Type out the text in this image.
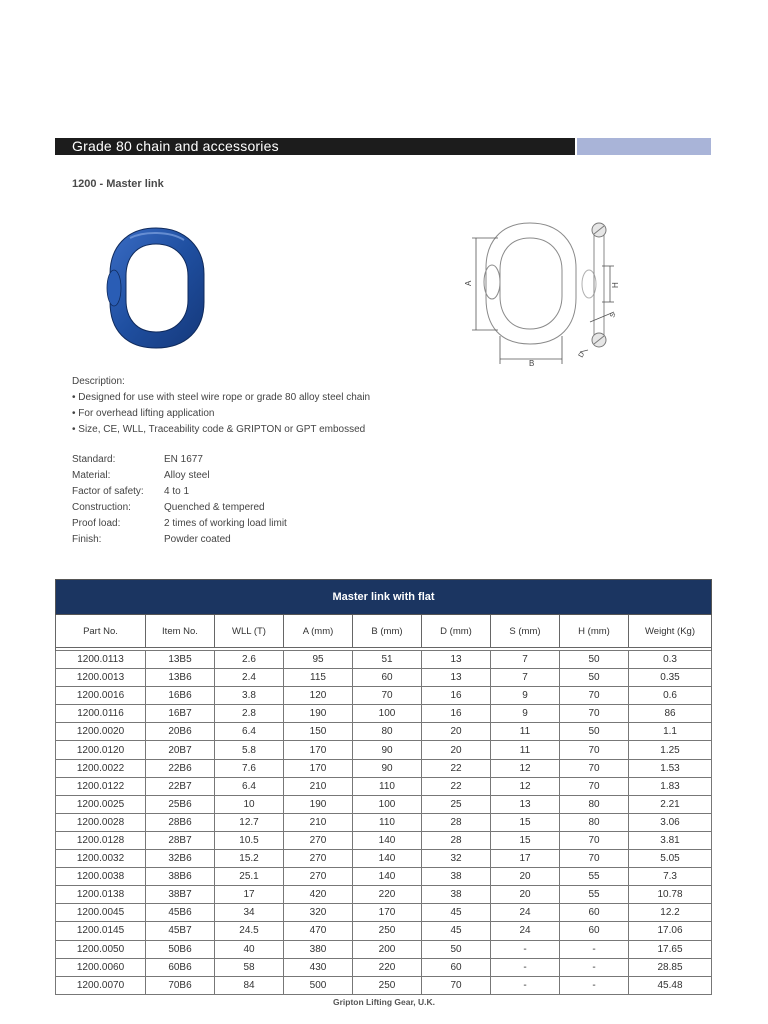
Grade 80 chain and accessories
1200 - Master link
A
B
H
S
D
Description:
• Designed for use with steel wire rope or grade 80 alloy steel chain
• For overhead lifting application
• Size, CE, WLL, Traceability code & GRIPTON or GPT embossed
Standard:	EN 1677
Material:	Alloy steel
Factor of safety:	4 to 1
Construction:	Quenched & tempered
Proof load:	2 times of working load limit
Finish:	Powder coated
Master link with flat								
Part No.	Item No.	WLL (T)	A (mm)	B (mm)	D (mm)	S (mm)	H (mm)	Weight (Kg)

1200.0113	13B5	2.6	95	51	13	7	50	0.3
1200.0013	13B6	2.4	115	60	13	7	50	0.35
1200.0016	16B6	3.8	120	70	16	9	70	0.6
1200.0116	16B7	2.8	190	100	16	9	70	86
1200.0020	20B6	6.4	150	80	20	11	50	1.1
1200.0120	20B7	5.8	170	90	20	11	70	1.25
1200.0022	22B6	7.6	170	90	22	12	70	1.53
1200.0122	22B7	6.4	210	110	22	12	70	1.83
1200.0025	25B6	10	190	100	25	13	80	2.21
1200.0028	28B6	12.7	210	110	28	15	80	3.06
1200.0128	28B7	10.5	270	140	28	15	70	3.81
1200.0032	32B6	15.2	270	140	32	17	70	5.05
1200.0038	38B6	25.1	270	140	38	20	55	7.3
1200.0138	38B7	17	420	220	38	20	55	10.78
1200.0045	45B6	34	320	170	45	24	60	12.2
1200.0145	45B7	24.5	470	250	45	24	60	17.06
1200.0050	50B6	40	380	200	50	-	-	17.65
1200.0060	60B6	58	430	220	60	-	-	28.85
1200.0070	70B6	84	500	250	70	-	-	45.48
Gripton Lifting Gear, U.K.
